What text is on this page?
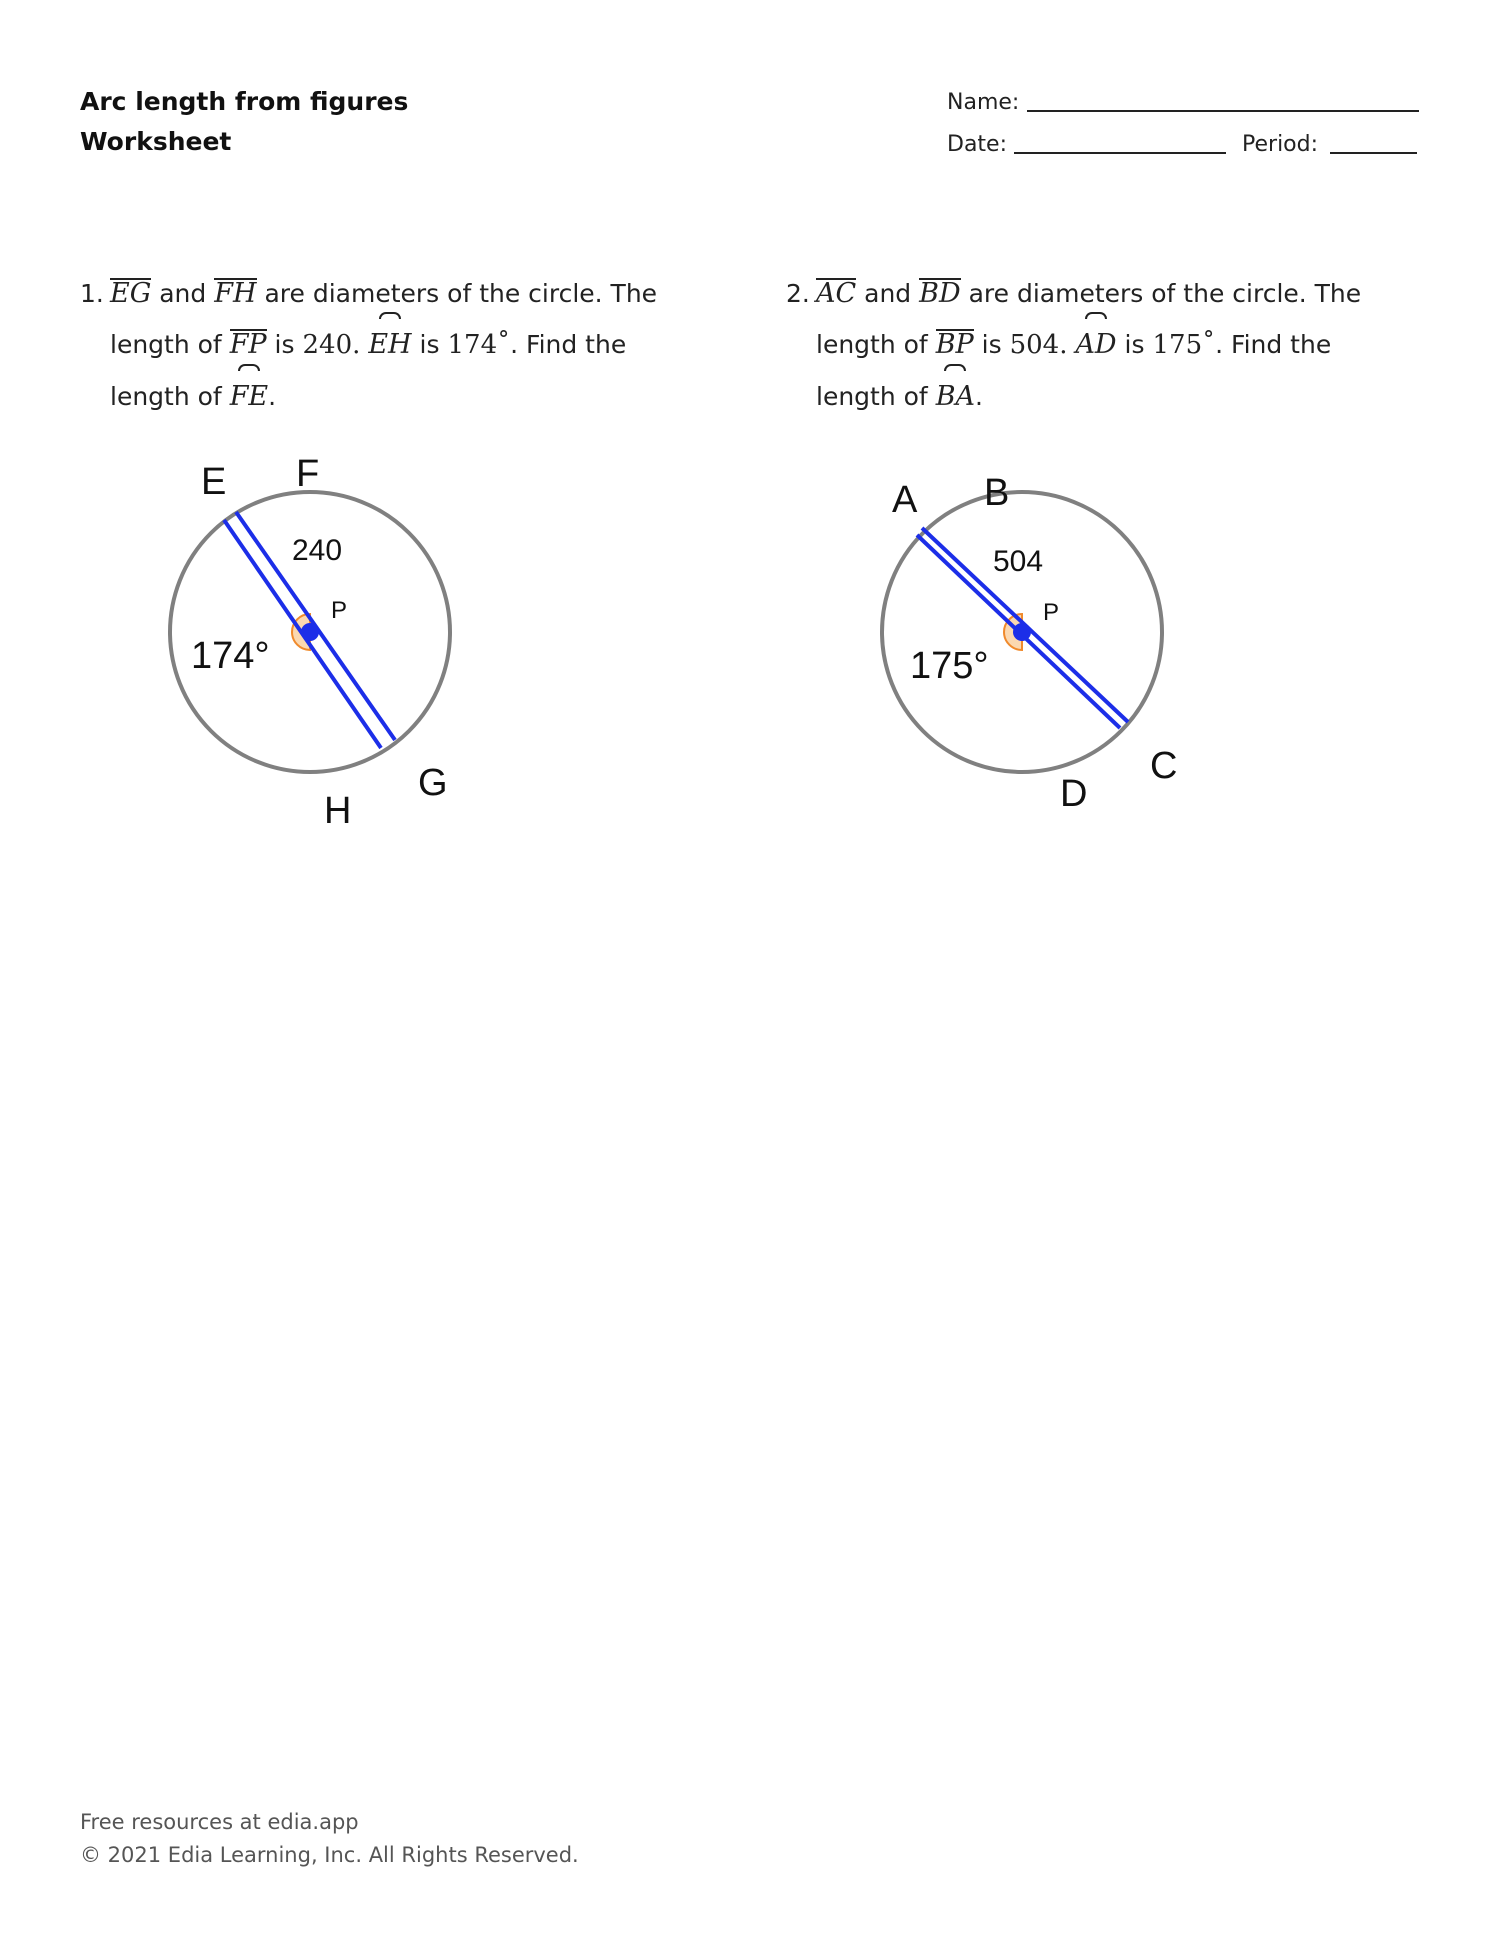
Arc length from figures
Worksheet
Name:
Date:	Period:
1. EG and FH are diameters of the circle. The
length of FP is 240. EH is 174˚. Find the
length of FE.
2. AC and BD are diameters of the circle. The
length of BP is 504. AD is 175˚. Find the
length of BA.
E F
G
H
P
240
174°
A B
C
D
P
504
175°
Free resources at edia.app
© 2021 Edia Learning, Inc. All Rights Reserved.
